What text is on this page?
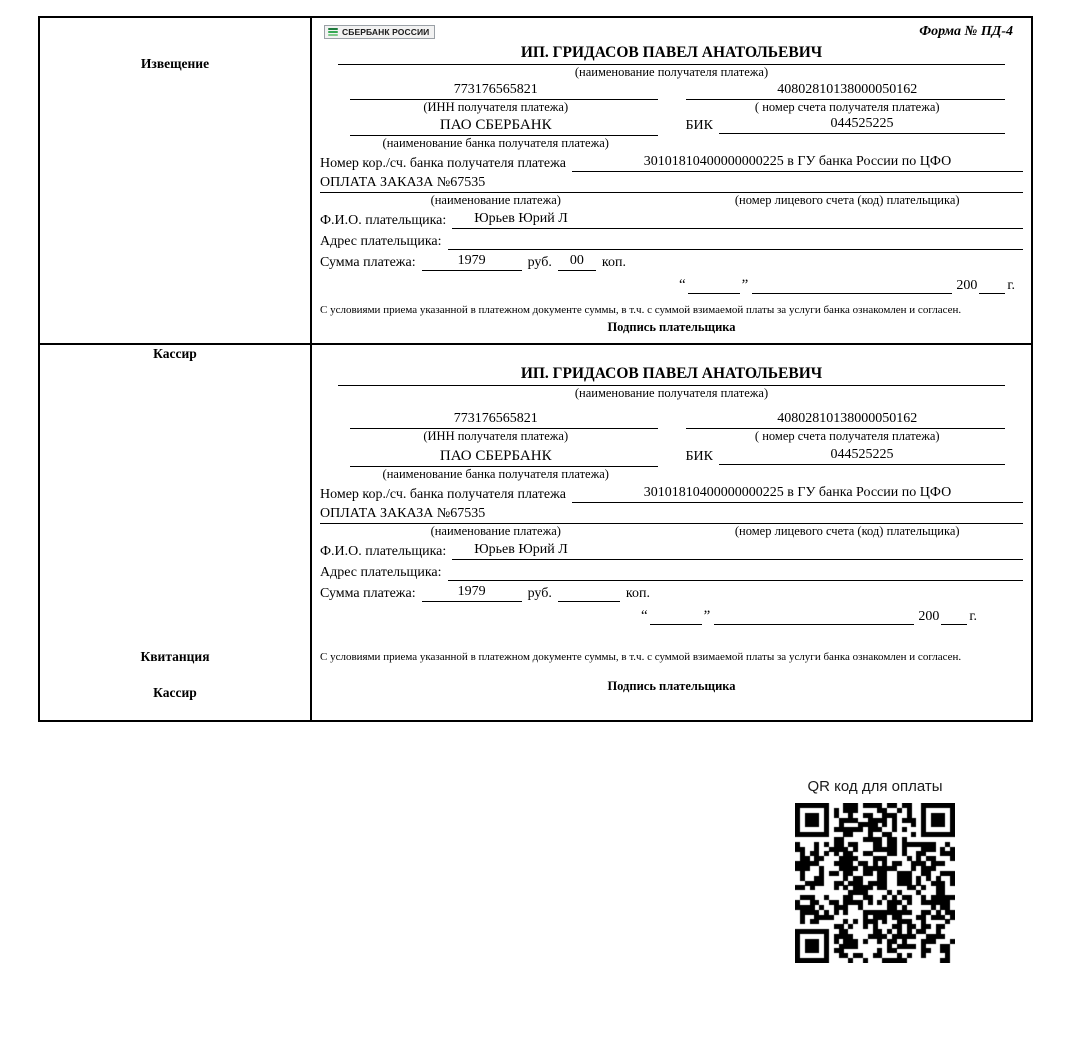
Извещение
Кассир
СБЕРБАНК РОССИИ	Форма № ПД-4
ИП. ГРИДАСОВ ПАВЕЛ АНАТОЛЬЕВИЧ
(наименование получателя платежа)
773176565821
(ИНН получателя платежа)
40802810138000050162
( номер счета получателя платежа)
ПАО СБЕРБАНК	БИК	044525225
(наименование банка получателя платежа)
Номер кор./сч. банка получателя платежа	30101810400000000225 в ГУ банка России по ЦФО
ОПЛАТА ЗАКАЗА №67535
(наименование платежа)	(номер лицевого счета (код) плательщика)
Ф.И.О. плательщика:	Юрьев Юрий Л
Адрес плательщика:
Сумма платежа:	1979	руб.	00	коп.
“	”	200 г.
С условиями приема указанной в платежном документе суммы, в т.ч. с суммой взимаемой платы за услуги банка ознакомлен и согласен.
Подпись плательщика
Квитанция
Кассир
ИП. ГРИДАСОВ ПАВЕЛ АНАТОЛЬЕВИЧ
(наименование получателя платежа)
773176565821
(ИНН получателя платежа)
40802810138000050162
( номер счета получателя платежа)
ПАО СБЕРБАНК	БИК	044525225
(наименование банка получателя платежа)
Номер кор./сч. банка получателя платежа	30101810400000000225 в ГУ банка России по ЦФО
ОПЛАТА ЗАКАЗА №67535
(наименование платежа)	(номер лицевого счета (код) плательщика)
Ф.И.О. плательщика:	Юрьев Юрий Л
Адрес плательщика:
Сумма платежа:	1979	руб.	коп.
“	”	200 г.
С условиями приема указанной в платежном документе суммы, в т.ч. с суммой взимаемой платы за услуги банка ознакомлен и согласен.
Подпись плательщика
QR код для оплаты
